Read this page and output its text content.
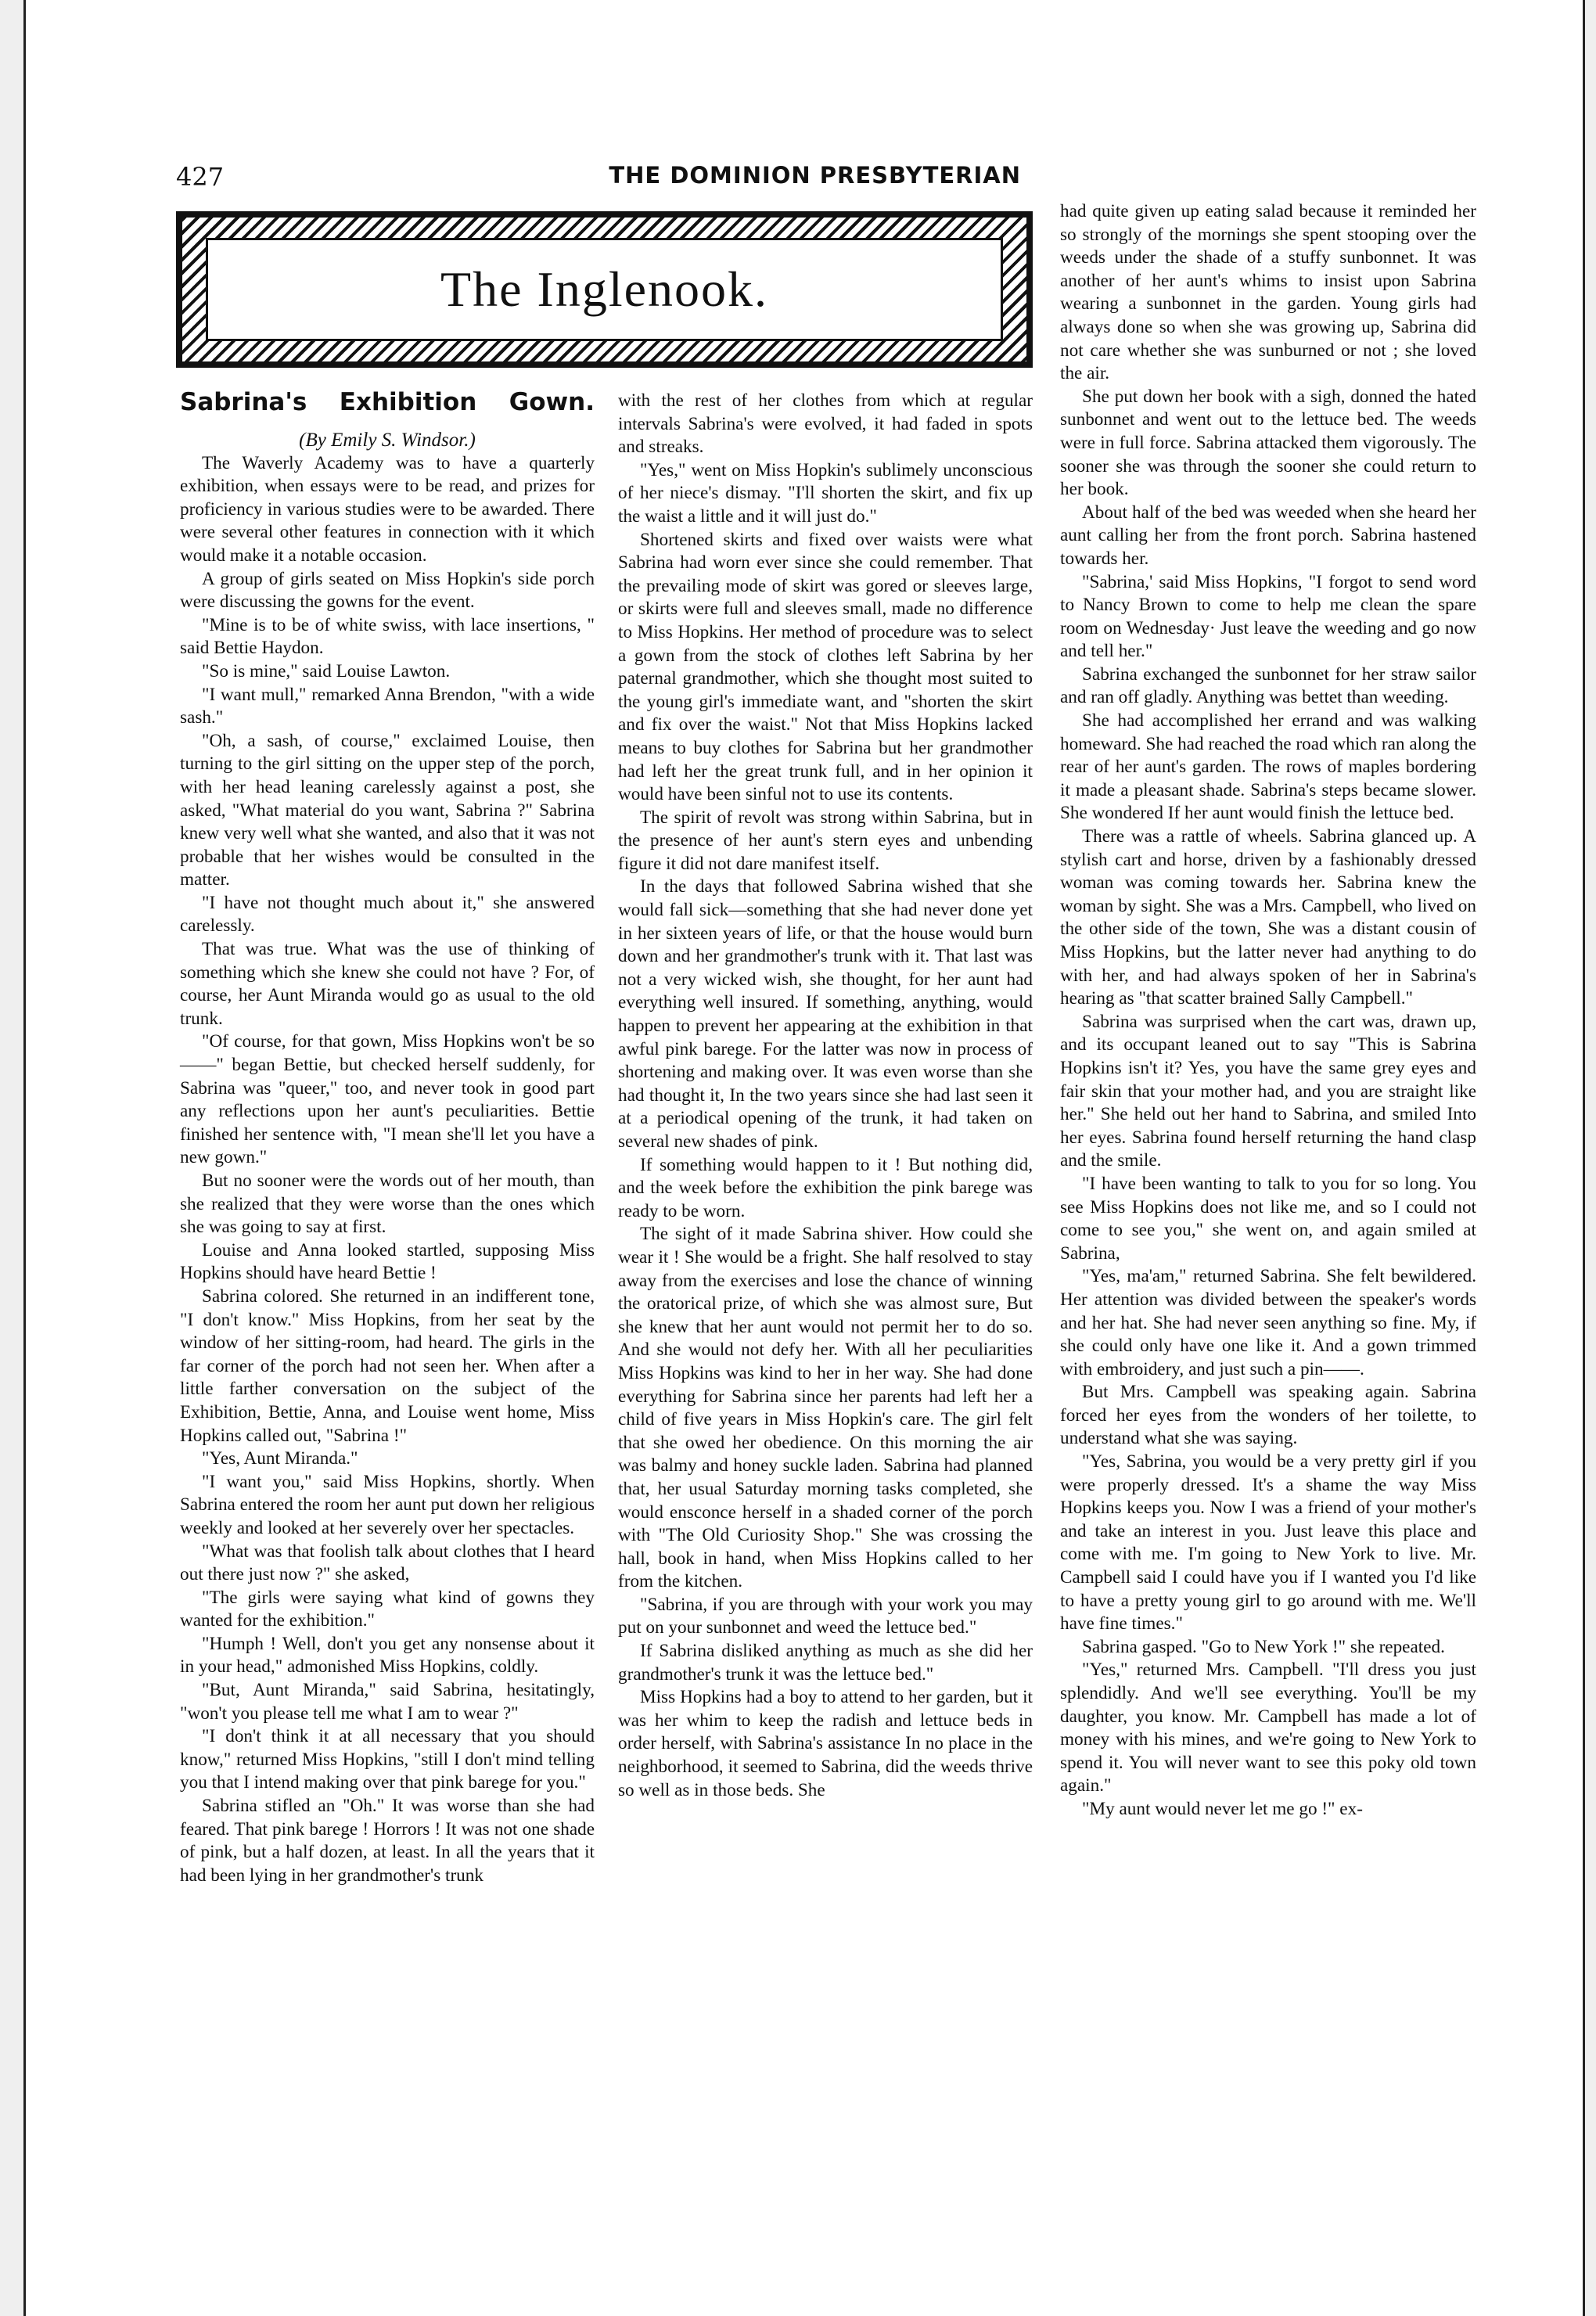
427	THE DOMINION PRESBYTERIAN
The Inglenook.
Sabrina's Exhibition Gown.

(By Emily S. Windsor.)

The Waverly Academy was to have a quarterly exhibition, when essays were to be read, and prizes for proficiency in various studies were to be awarded. There were several other features in connection with it which would make it a notable occasion.

A group of girls seated on Miss Hopkin's side porch were discussing the gowns for the event.

"Mine is to be of white swiss, with lace insertions, " said Bettie Haydon.

"So is mine," said Louise Lawton.

"I want mull," remarked Anna Brendon, "with a wide sash."

"Oh, a sash, of course," exclaimed Louise, then turning to the girl sitting on the upper step of the porch, with her head leaning carelessly against a post, she asked, "What material do you want, Sabrina ?" Sabrina knew very well what she wanted, and also that it was not probable that her wishes would be consulted in the matter.

"I have not thought much about it," she answered carelessly.

That was true. What was the use of thinking of something which she knew she could not have ? For, of course, her Aunt Miranda would go as usual to the old trunk.

"Of course, for that gown, Miss Hopkins won't be so——" began Bettie, but checked herself suddenly, for Sabrina was "queer," too, and never took in good part any reflections upon her aunt's peculiarities. Bettie finished her sentence with, "I mean she'll let you have a new gown."

But no sooner were the words out of her mouth, than she realized that they were worse than the ones which she was going to say at first.

Louise and Anna looked startled, supposing Miss Hopkins should have heard Bettie !

Sabrina colored. She returned in an indifferent tone, "I don't know." Miss Hopkins, from her seat by the window of her sitting-room, had heard. The girls in the far corner of the porch had not seen her. When after a little farther conversation on the subject of the Exhibition, Bettie, Anna, and Louise went home, Miss Hopkins called out, "Sabrina !"

"Yes, Aunt Miranda."

"I want you," said Miss Hopkins, shortly. When Sabrina entered the room her aunt put down her religious weekly and looked at her severely over her spectacles.

"What was that foolish talk about clothes that I heard out there just now ?" she asked,

"The girls were saying what kind of gowns they wanted for the exhibition."

"Humph ! Well, don't you get any nonsense about it in your head," admonished Miss Hopkins, coldly.

"But, Aunt Miranda," said Sabrina, hesitatingly, "won't you please tell me what I am to wear ?"

"I don't think it at all necessary that you should know," returned Miss Hopkins, "still I don't mind telling you that I intend making over that pink barege for you."

Sabrina stifled an "Oh." It was worse than she had feared. That pink barege ! Horrors ! It was not one shade of pink, but a half dozen, at least. In all the years that it had been lying in her grandmother's trunk

with the rest of her clothes from which at regular intervals Sabrina's were evolved, it had faded in spots and streaks.

"Yes," went on Miss Hopkin's sublimely unconscious of her niece's dismay. "I'll shorten the skirt, and fix up the waist a little and it will just do."

Shortened skirts and fixed over waists were what Sabrina had worn ever since she could remember. That the prevailing mode of skirt was gored or sleeves large, or skirts were full and sleeves small, made no difference to Miss Hopkins. Her method of procedure was to select a gown from the stock of clothes left Sabrina by her paternal grandmother, which she thought most suited to the young girl's immediate want, and "shorten the skirt and fix over the waist." Not that Miss Hopkins lacked means to buy clothes for Sabrina but her grandmother had left her the great trunk full, and in her opinion it would have been sinful not to use its contents.

The spirit of revolt was strong within Sabrina, but in the presence of her aunt's stern eyes and unbending figure it did not dare manifest itself.

In the days that followed Sabrina wished that she would fall sick—something that she had never done yet in her sixteen years of life, or that the house would burn down and her grandmother's trunk with it. That last was not a very wicked wish, she thought, for her aunt had everything well insured. If something, anything, would happen to prevent her appearing at the exhibition in that awful pink barege. For the latter was now in process of shortening and making over. It was even worse than she had thought it, In the two years since she had last seen it at a periodical opening of the trunk, it had taken on several new shades of pink.

If something would happen to it ! But nothing did, and the week before the exhibition the pink barege was ready to be worn.

The sight of it made Sabrina shiver. How could she wear it ! She would be a fright. She half resolved to stay away from the exercises and lose the chance of winning the oratorical prize, of which she was almost sure, But she knew that her aunt would not permit her to do so. And she would not defy her. With all her peculiarities Miss Hopkins was kind to her in her way. She had done everything for Sabrina since her parents had left her a child of five years in Miss Hopkin's care. The girl felt that she owed her obedience. On this morning the air was balmy and honey suckle laden. Sabrina had planned that, her usual Saturday morning tasks completed, she would ensconce herself in a shaded corner of the porch with "The Old Curiosity Shop." She was crossing the hall, book in hand, when Miss Hopkins called to her from the kitchen.

"Sabrina, if you are through with your work you may put on your sunbonnet and weed the lettuce bed."

If Sabrina disliked anything as much as she did her grandmother's trunk it was the lettuce bed."

Miss Hopkins had a boy to attend to her garden, but it was her whim to keep the radish and lettuce beds in order herself, with Sabrina's assistance In no place in the neighborhood, it seemed to Sabrina, did the weeds thrive so well as in those beds. She

had quite given up eating salad because it reminded her so strongly of the mornings she spent stooping over the weeds under the shade of a stuffy sunbonnet. It was another of her aunt's whims to insist upon Sabrina wearing a sunbonnet in the garden. Young girls had always done so when she was growing up, Sabrina did not care whether she was sunburned or not ; she loved the air.

She put down her book with a sigh, donned the hated sunbonnet and went out to the lettuce bed. The weeds were in full force. Sabrina attacked them vigorously. The sooner she was through the sooner she could return to her book.

About half of the bed was weeded when she heard her aunt calling her from the front porch. Sabrina hastened towards her.

"Sabrina,' said Miss Hopkins, "I forgot to send word to Nancy Brown to come to help me clean the spare room on Wednesday· Just leave the weeding and go now and tell her."

Sabrina exchanged the sunbonnet for her straw sailor and ran off gladly. Anything was bettet than weeding.

She had accomplished her errand and was walking homeward. She had reached the road which ran along the rear of her aunt's garden. The rows of maples bordering it made a pleasant shade. Sabrina's steps became slower. She wondered If her aunt would finish the lettuce bed.

There was a rattle of wheels. Sabrina glanced up. A stylish cart and horse, driven by a fashionably dressed woman was coming towards her. Sabrina knew the woman by sight. She was a Mrs. Campbell, who lived on the other side of the town, She was a distant cousin of Miss Hopkins, but the latter never had anything to do with her, and had always spoken of her in Sabrina's hearing as "that scatter brained Sally Campbell."

Sabrina was surprised when the cart was, drawn up, and its occupant leaned out to say "This is Sabrina Hopkins isn't it? Yes, you have the same grey eyes and fair skin that your mother had, and you are straight like her." She held out her hand to Sabrina, and smiled Into her eyes. Sabrina found herself returning the hand clasp and the smile.

"I have been wanting to talk to you for so long. You see Miss Hopkins does not like me, and so I could not come to see you," she went on, and again smiled at Sabrina,

"Yes, ma'am," returned Sabrina. She felt bewildered. Her attention was divided between the speaker's words and her hat. She had never seen anything so fine. My, if she could only have one like it. And a gown trimmed with embroidery, and just such a pin——.

But Mrs. Campbell was speaking again. Sabrina forced her eyes from the wonders of her toilette, to understand what she was saying.

"Yes, Sabrina, you would be a very pretty girl if you were properly dressed. It's a shame the way Miss Hopkins keeps you. Now I was a friend of your mother's and take an interest in you. Just leave this place and come with me. I'm going to New York to live. Mr. Campbell said I could have you if I wanted you I'd like to have a pretty young girl to go around with me. We'll have fine times."

Sabrina gasped. "Go to New York !" she repeated.

"Yes," returned Mrs. Campbell. "I'll dress you just splendidly. And we'll see everything. You'll be my daughter, you know. Mr. Campbell has made a lot of money with his mines, and we're going to New York to spend it. You will never want to see this poky old town again."

"My aunt would never let me go !" ex-
